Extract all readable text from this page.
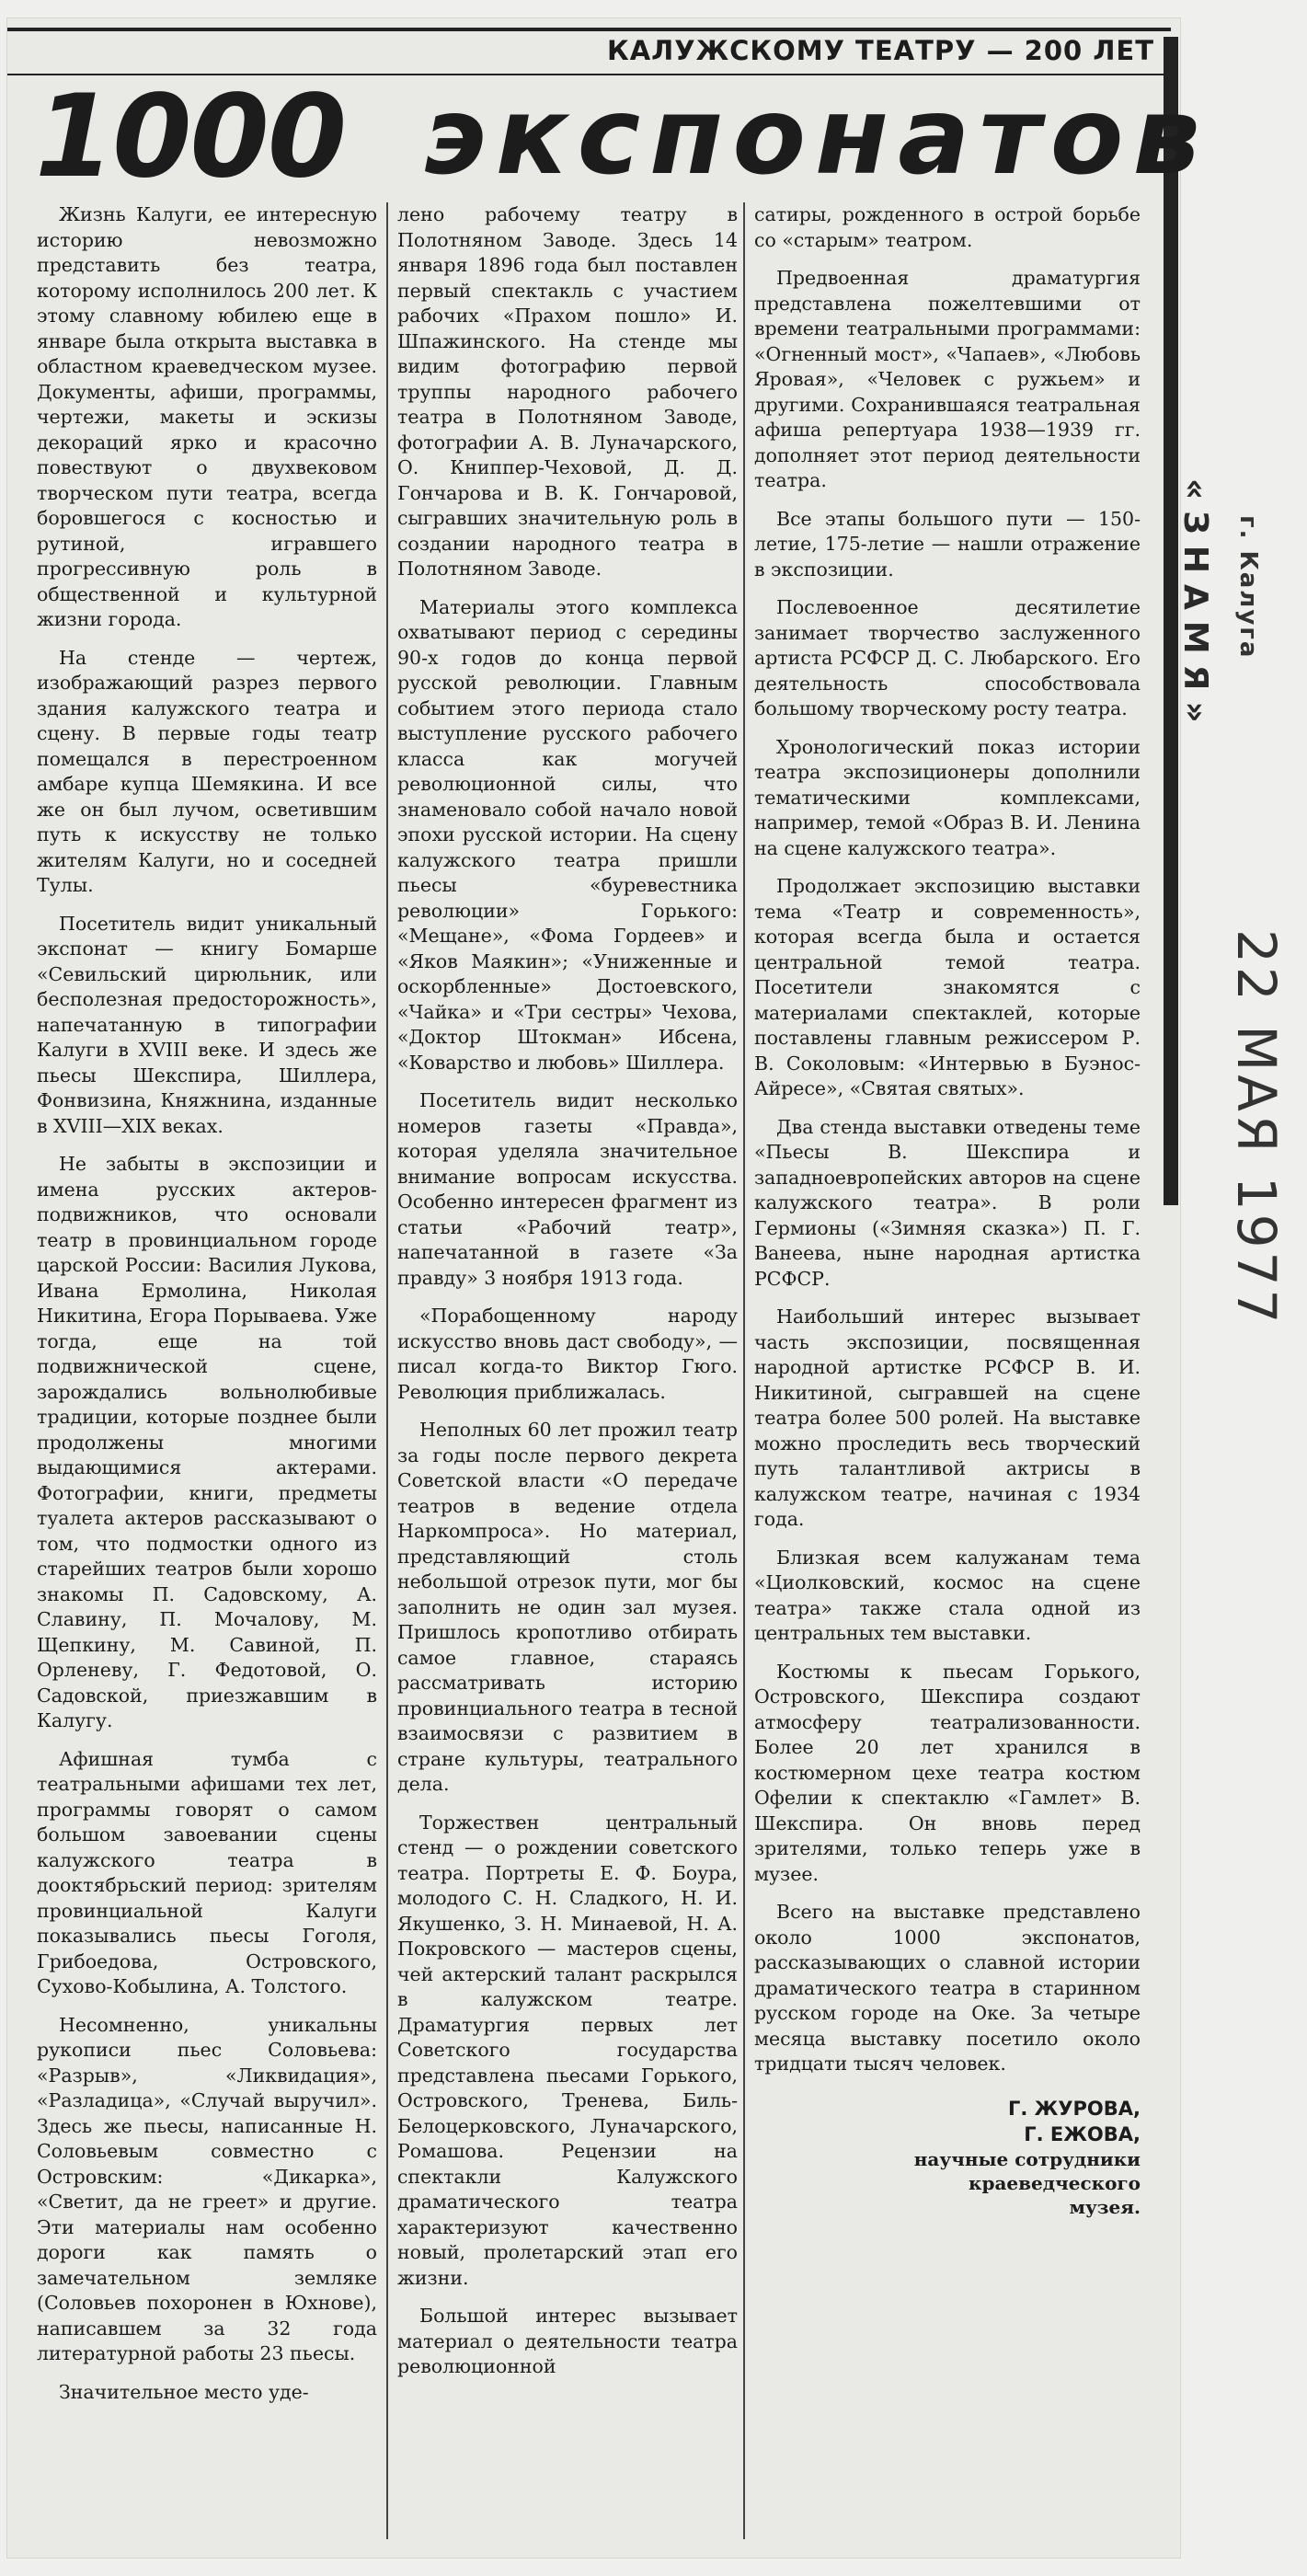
КАЛУЖСКОМУ ТЕАТРУ — 200 ЛЕТ
1000 экспонатов

Жизнь Калуги, ее интересную историю невозможно представить без театра, которому исполнилось 200 лет. К этому славному юбилею еще в январе была открыта выставка в областном краеведческом музее. Документы, афиши, программы, чертежи, макеты и эскизы декораций ярко и красочно повествуют о двухвековом творческом пути театра, всегда боровшегося с косностью и рутиной, игравшего прогрессивную роль в общественной и культурной жизни города.

На стенде — чертеж, изображающий разрез первого здания калужского театра и сцену. В первые годы театр помещался в перестроенном амбаре купца Шемякина. И все же он был лучом, осветившим путь к искусству не только жителям Калуги, но и соседней Тулы.

Посетитель видит уникальный экспонат — книгу Бомарше «Севильский цирюльник, или бесполезная предосторожность», напечатанную в типографии Калуги в XVIII веке. И здесь же пьесы Шекспира, Шиллера, Фонвизина, Княжнина, изданные в XVIII—XIX веках.

Не забыты в экспозиции и имена русских актеров-подвижников, что основали театр в провинциальном городе царской России: Василия Лукова, Ивана Ермолина, Николая Никитина, Егора Порываева. Уже тогда, еще на той подвижнической сцене, зарождались вольнолюбивые традиции, которые позднее были продолжены многими выдающимися актерами. Фотографии, книги, предметы туалета актеров рассказывают о том, что подмостки одного из старейших театров были хорошо знакомы П. Садовскому, А. Славину, П. Мочалову, М. Щепкину, М. Савиной, П. Орленеву, Г. Федотовой, О. Садовской, приезжавшим в Калугу.

Афишная тумба с театральными афишами тех лет, программы говорят о самом большом завоевании сцены калужского театра в дооктябрьский период: зрителям провинциальной Калуги показывались пьесы Гоголя, Грибоедова, Островского, Сухово-Кобылина, А. Толстого.

Несомненно, уникальны рукописи пьес Соловьева: «Разрыв», «Ликвидация», «Разладица», «Случай выручил». Здесь же пьесы, написанные Н. Соловьевым совместно с Островским: «Дикарка», «Светит, да не греет» и другие. Эти материалы нам особенно дороги как память о замечательном земляке (Соловьев похоронен в Юхнове), написавшем за 32 года литературной работы 23 пьесы.

Значительное место уде-

лено рабочему театру в Полотняном Заводе. Здесь 14 января 1896 года был поставлен первый спектакль с участием рабочих «Прахом пошло» И. Шпажинского. На стенде мы видим фотографию первой труппы народного рабочего театра в Полотняном Заводе, фотографии А. В. Луначарского, О. Книппер-Чеховой, Д. Д. Гончарова и В. К. Гончаровой, сыгравших значительную роль в создании народного театра в Полотняном Заводе.

Материалы этого комплекса охватывают период с середины 90-х годов до конца первой русской революции. Главным событием этого периода стало выступление русского рабочего класса как могучей революционной силы, что знаменовало собой начало новой эпохи русской истории. На сцену калужского театра пришли пьесы «буревестника революции» Горького: «Мещане», «Фома Гордеев» и «Яков Маякин»; «Униженные и оскорбленные» Достоевского, «Чайка» и «Три сестры» Чехова, «Доктор Штокман» Ибсена, «Коварство и любовь» Шиллера.

Посетитель видит несколько номеров газеты «Правда», которая уделяла значительное внимание вопросам искусства. Особенно интересен фрагмент из статьи «Рабочий театр», напечатанной в газете «За правду» 3 ноября 1913 года.

«Порабощенному народу искусство вновь даст свободу», — писал когда-то Виктор Гюго. Революция приближалась.

Неполных 60 лет прожил театр за годы после первого декрета Советской власти «О передаче театров в ведение отдела Наркомпроса». Но материал, представляющий столь небольшой отрезок пути, мог бы заполнить не один зал музея. Пришлось кропотливо отбирать самое главное, стараясь рассматривать историю провинциального театра в тесной взаимосвязи с развитием в стране культуры, театрального дела.

Торжествен центральный стенд — о рождении советского театра. Портреты Е. Ф. Боура, молодого С. Н. Сладкого, Н. И. Якушенко, З. Н. Минаевой, Н. А. Покровского — мастеров сцены, чей актерский талант раскрылся в калужском театре. Драматургия первых лет Советского государства представлена пьесами Горького, Островского, Тренева, Биль-Белоцерковского, Луначарского, Ромашова. Рецензии на спектакли Калужского драматического театра характеризуют качественно новый, пролетарский этап его жизни.

Большой интерес вызывает материал о деятельности театра революционной

сатиры, рожденного в острой борьбе со «старым» театром.

Предвоенная драматургия представлена пожелтевшими от времени театральными программами: «Огненный мост», «Чапаев», «Любовь Яровая», «Человек с ружьем» и другими. Сохранившаяся театральная афиша репертуара 1938—1939 гг. дополняет этот период деятельности театра.

Все этапы большого пути — 150-летие, 175-летие — нашли отражение в экспозиции.

Послевоенное десятилетие занимает творчество заслуженного артиста РСФСР Д. С. Любарского. Его деятельность способствовала большому творческому росту театра.

Хронологический показ истории театра экспозиционеры дополнили тематическими комплексами, например, темой «Образ В. И. Ленина на сцене калужского театра».

Продолжает экспозицию выставки тема «Театр и современность», которая всегда была и остается центральной темой театра. Посетители знакомятся с материалами спектаклей, которые поставлены главным режиссером Р. В. Соколовым: «Интервью в Буэнос-Айресе», «Святая святых».

Два стенда выставки отведены теме «Пьесы В. Шекспира и западноевропейских авторов на сцене калужского театра». В роли Гермионы («Зимняя сказка») П. Г. Ванеева, ныне народная артистка РСФСР.

Наибольший интерес вызывает часть экспозиции, посвященная народной артистке РСФСР В. И. Никитиной, сыгравшей на сцене театра более 500 ролей. На выставке можно проследить весь творческий путь талантливой актрисы в калужском театре, начиная с 1934 года.

Близкая всем калужанам тема «Циолковский, космос на сцене театра» также стала одной из центральных тем выставки.

Костюмы к пьесам Горького, Островского, Шекспира создают атмосферу театрализованности. Более 20 лет хранился в костюмерном цехе театра костюм Офелии к спектаклю «Гамлет» В. Шекспира. Он вновь перед зрителями, только теперь уже в музее.

Всего на выставке представлено около 1000 экспонатов, рассказывающих о славной истории драматического театра в старинном русском городе на Оке. За четыре месяца выставку посетило около тридцати тысяч человек.

Г. ЖУРОВА,
Г. ЕЖОВА,
научные сотрудники
краеведческого
музея.
«ЗНАМЯ» г. Калуга
22 МАЯ 1977
